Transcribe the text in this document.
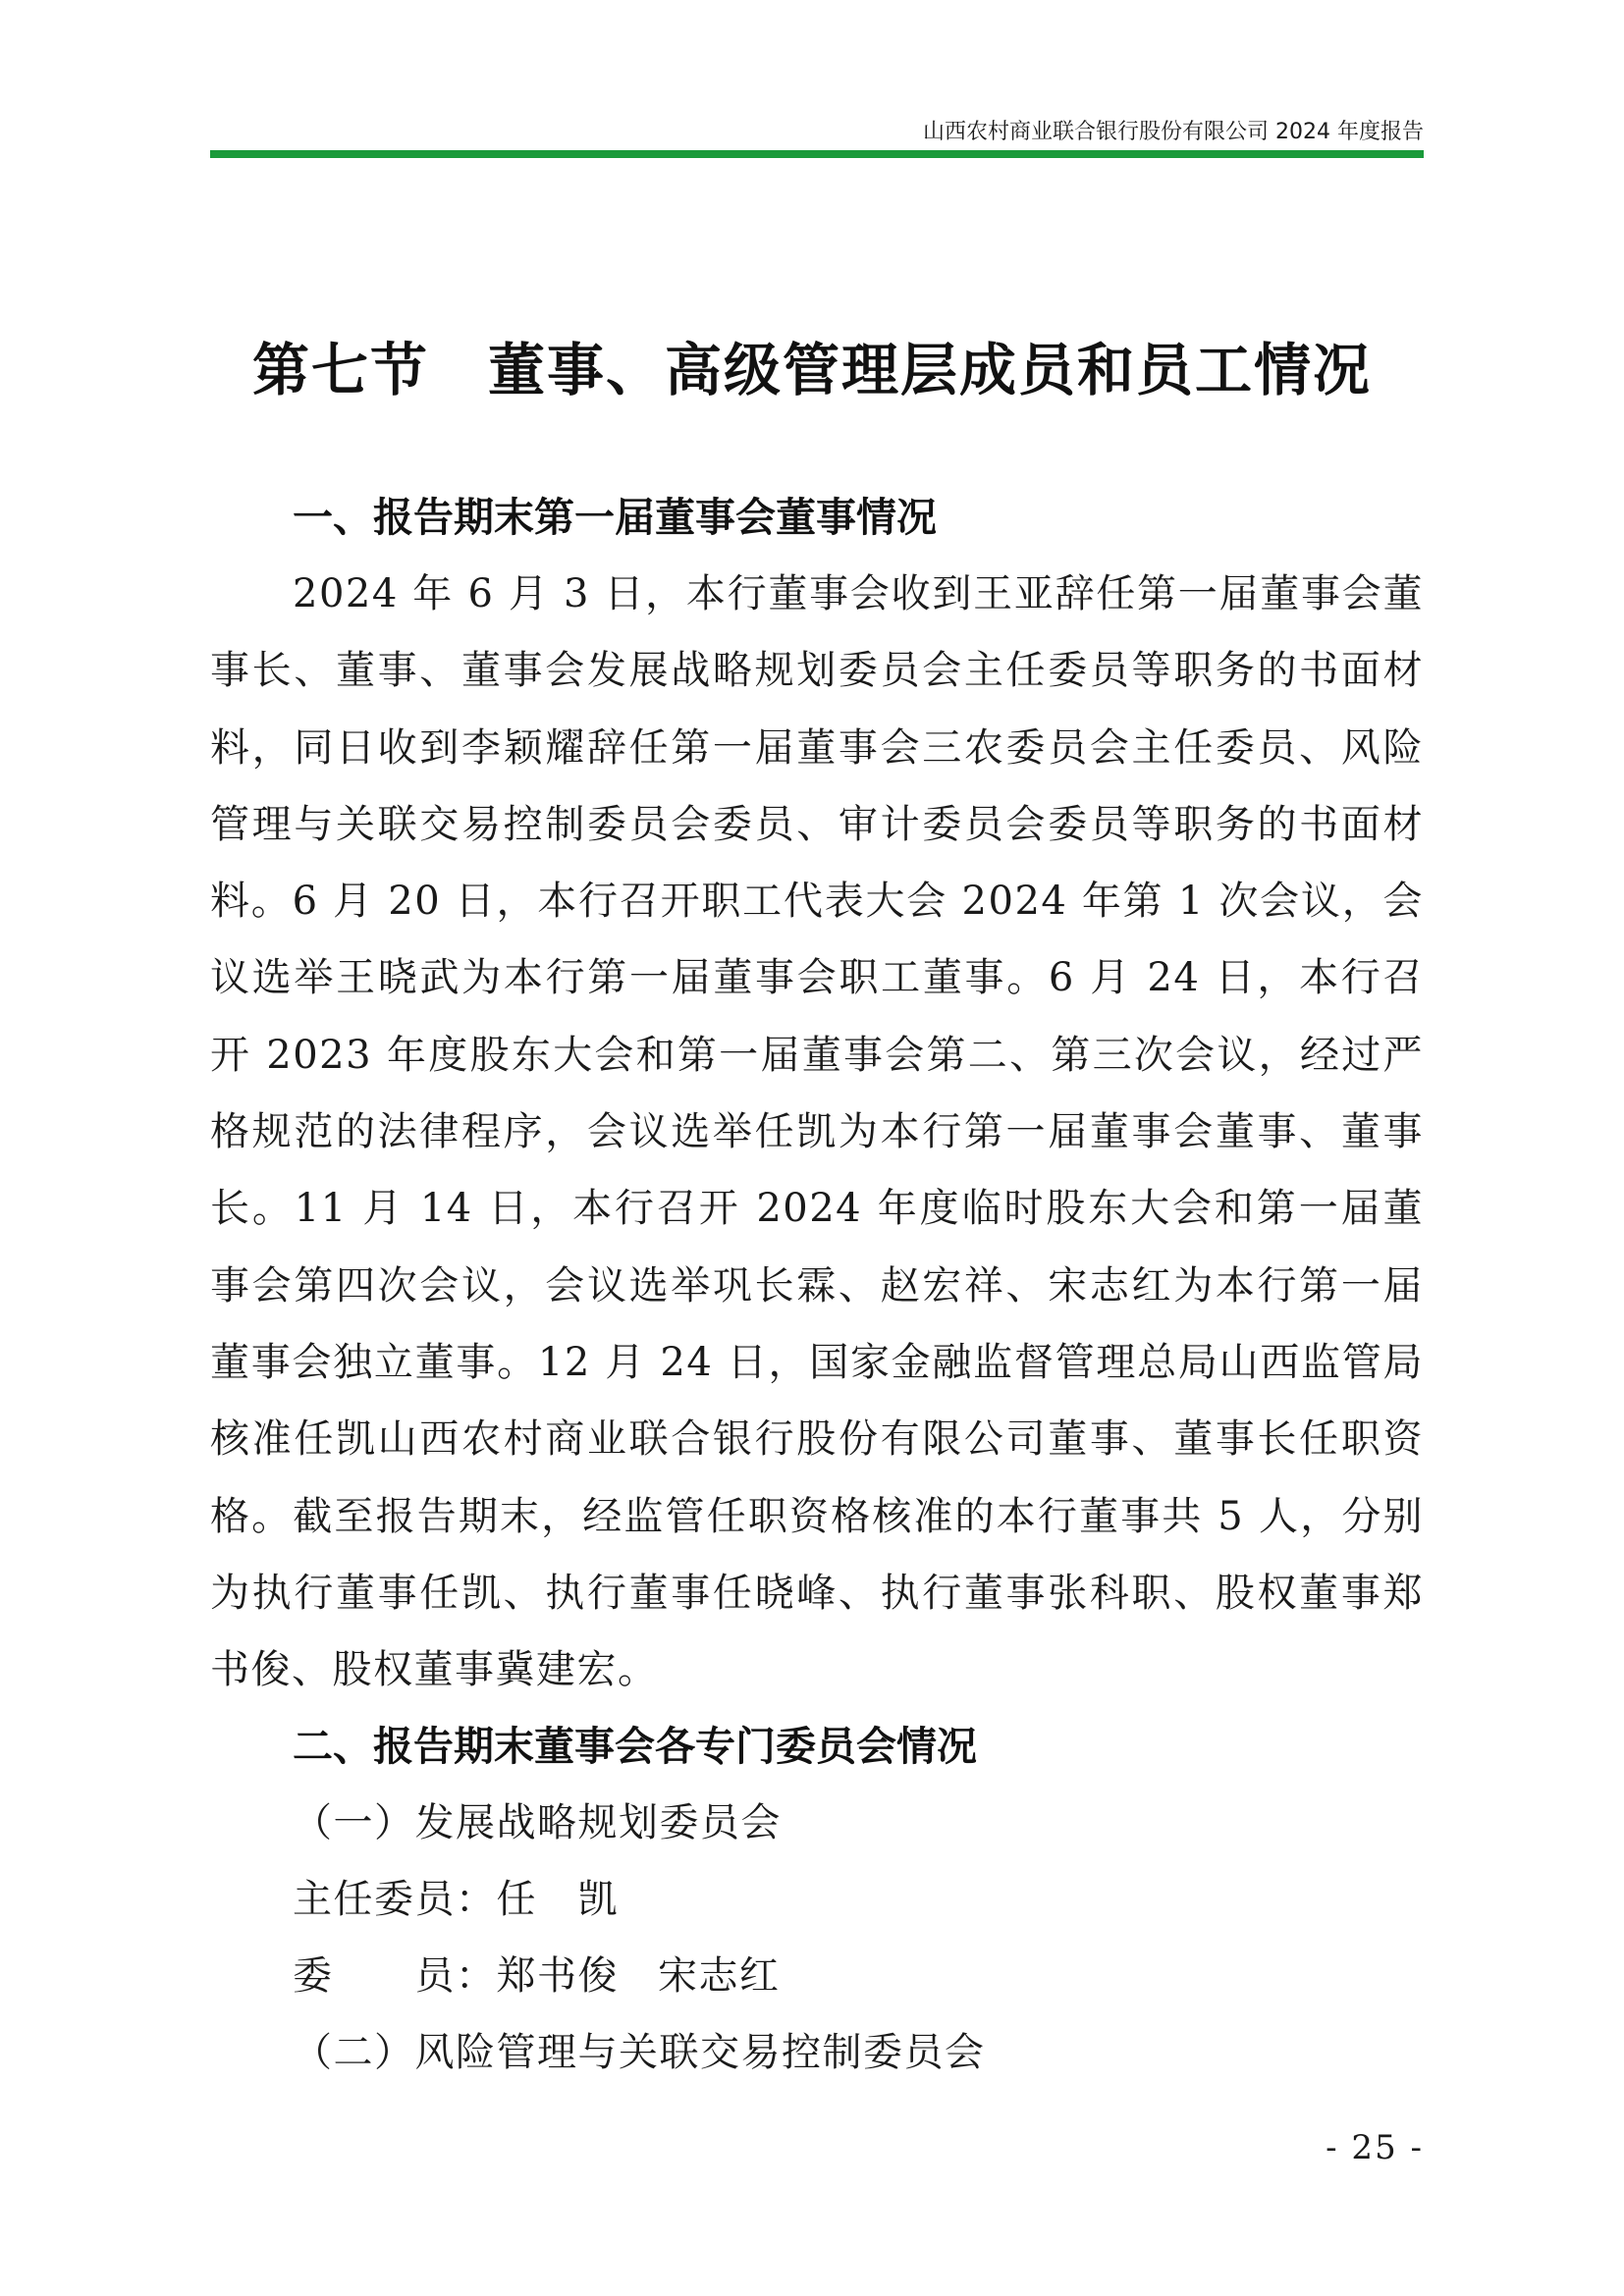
山西农村商业联合银行股份有限公司 2024 年度报告
第七节　董事、高级管理层成员和员工情况
一、报告期末第一届董事会董事情况

2024 年 6 月 3 日，本行董事会收到王亚辞任第一届董事会董事长、董事、董事会发展战略规划委员会主任委员等职务的书面材料，同日收到李颖耀辞任第一届董事会三农委员会主任委员、风险管理与关联交易控制委员会委员、审计委员会委员等职务的书面材料。6 月 20 日，本行召开职工代表大会 2024 年第 1 次会议，会议选举王晓武为本行第一届董事会职工董事。6 月 24 日，本行召开 2023 年度股东大会和第一届董事会第二、第三次会议，经过严格规范的法律程序，会议选举任凯为本行第一届董事会董事、董事长。11 月 14 日，本行召开 2024 年度临时股东大会和第一届董事会第四次会议，会议选举巩长霖、赵宏祥、宋志红为本行第一届董事会独立董事。12 月 24 日，国家金融监督管理总局山西监管局核准任凯山西农村商业联合银行股份有限公司董事、董事长任职资格。截至报告期末，经监管任职资格核准的本行董事共 5 人，分别为执行董事任凯、执行董事任晓峰、执行董事张科职、股权董事郑书俊、股权董事冀建宏。

二、报告期末董事会各专门委员会情况
（一）发展战略规划委员会
主任委员：任　凯
委　　员：郑书俊 宋志红
（二）风险管理与关联交易控制委员会
- 25 -
